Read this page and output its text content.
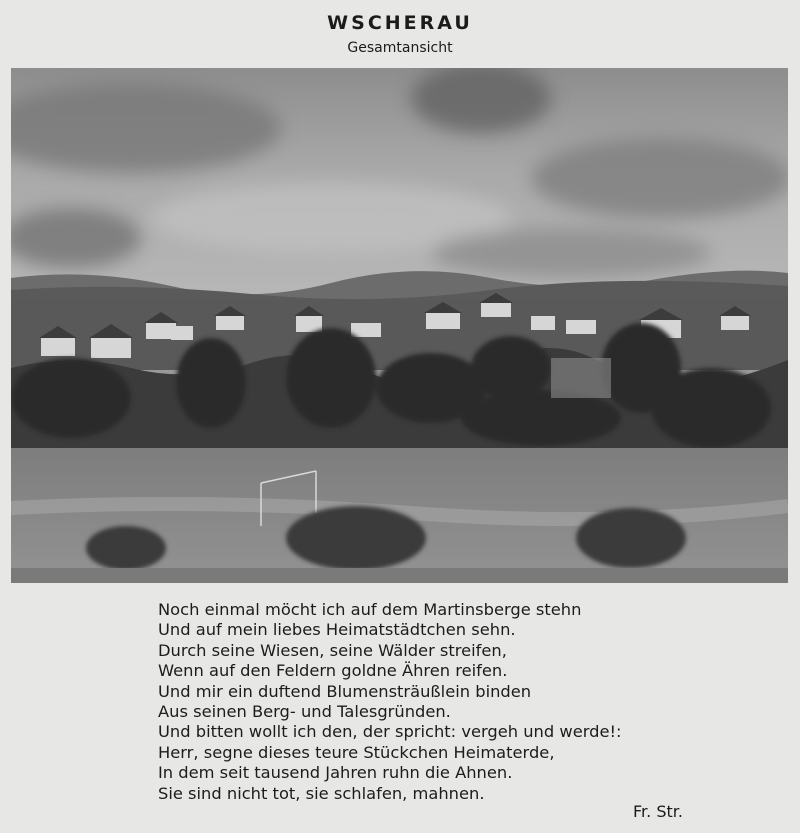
WSCHERAU
Gesamtansicht
Noch einmal möcht ich auf dem Martinsberge stehn
Und auf mein liebes Heimatstädtchen sehn.
Durch seine Wiesen, seine Wälder streifen,
Wenn auf den Feldern goldne Ähren reifen.
Und mir ein duftend Blumensträußlein binden
Aus seinen Berg- und Talesgründen.
Und bitten wollt ich den, der spricht: vergeh und werde!:
Herr, segne dieses teure Stückchen Heimaterde,
In dem seit tausend Jahren ruhn die Ahnen.
Sie sind nicht tot, sie schlafen, mahnen.
Fr. Str.
